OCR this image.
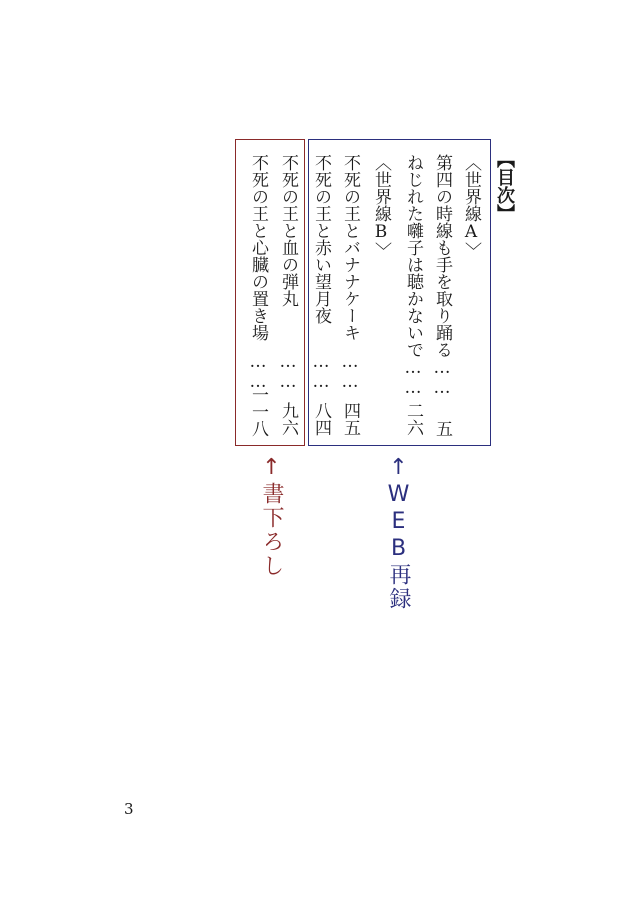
【目次】
〈世界線A〉
第四の時線も手を取り踊る……
五
ねじれた囃子は聴かないで……
二六
〈世界線B〉
不死の王とバナナケーキ
……
四五
不死の王と赤い望月夜
……
八四
不死の王と血の弾丸
……
九六
不死の王と心臓の置き場
……
一一八
↑WEB再録
↑書下ろし
3
